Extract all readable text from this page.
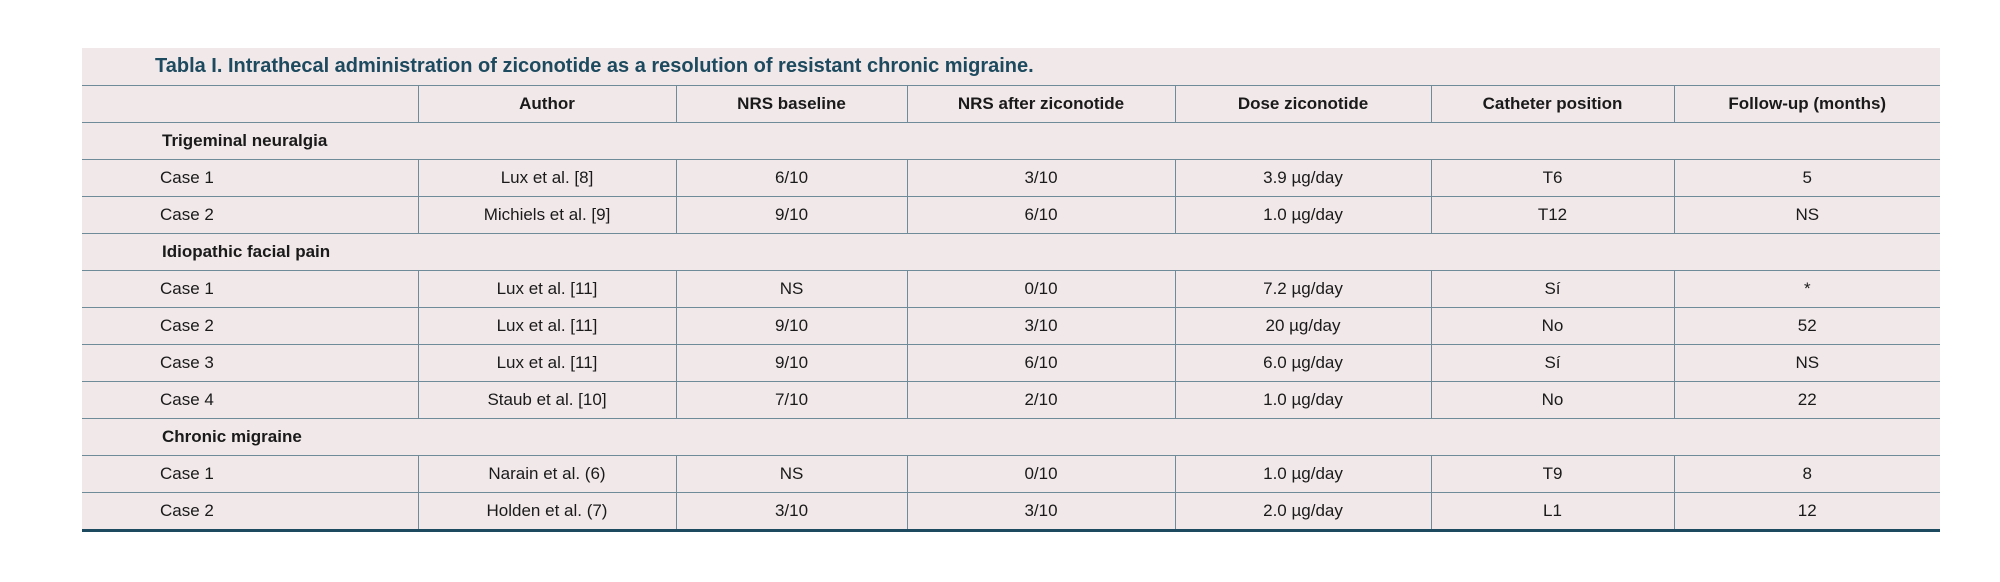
Tabla I. Intrathecal administration of ziconotide as a resolution of resistant chronic migraine.
	Author	NRS baseline	NRS after ziconotide	Dose ziconotide	Catheter position	Follow-up (months)
Trigeminal neuralgia						
Case 1	Lux et al. [8]	6/10	3/10	3.9 µg/day	T6	5
Case 2	Michiels et al. [9]	9/10	6/10	1.0 µg/day	T12	NS
Idiopathic facial pain						
Case 1	Lux et al. [11]	NS	0/10	7.2 µg/day	Sí	*
Case 2	Lux et al. [11]	9/10	3/10	20 µg/day	No	52
Case 3	Lux et al. [11]	9/10	6/10	6.0 µg/day	Sí	NS
Case 4	Staub et al. [10]	7/10	2/10	1.0 µg/day	No	22
Chronic migraine						
Case 1	Narain et al. (6)	NS	0/10	1.0 µg/day	T9	8
Case 2	Holden et al. (7)	3/10	3/10	2.0 µg/day	L1	12
